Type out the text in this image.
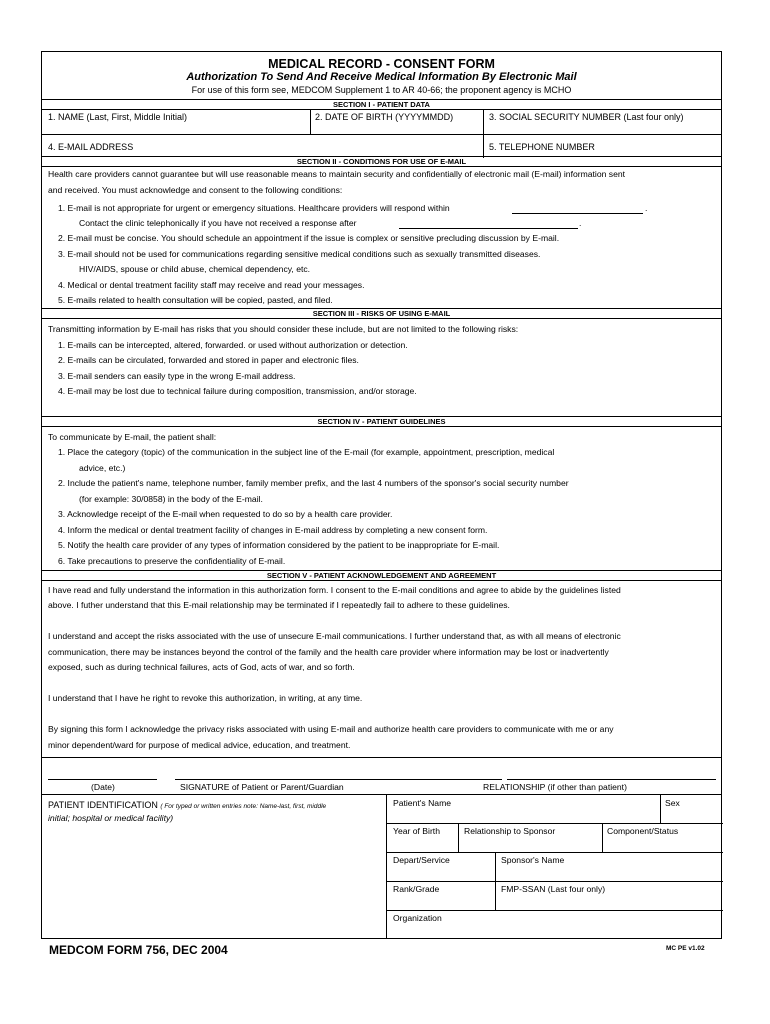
MEDICAL RECORD - CONSENT FORM
Authorization To Send And Receive Medical Information By Electronic Mail
For use of this form see, MEDCOM Supplement 1 to AR 40-66; the proponent agency is MCHO
SECTION I - PATIENT DATA
1. NAME (Last, First, Middle Initial)	2. DATE OF BIRTH (YYYYMMDD)	3. SOCIAL SECURITY NUMBER (Last four only)
4. E-MAIL ADDRESS	5. TELEPHONE NUMBER
SECTION II - CONDITIONS FOR USE OF E-MAIL
Health care providers cannot guarantee but will use reasonable means to maintain security and confidentially of electronic mail (E-mail) information sent
and received. You must acknowledge and consent to the following conditions:
1. E-mail is not appropriate for urgent or emergency situations. Healthcare providers will respond within	.
Contact the clinic telephonically if you have not received a response after	.
2. E-mail must be concise. You should schedule an appointment if the issue is complex or sensitive precluding discussion by E-mail.
3. E-mail should not be used for communications regarding sensitive medical conditions such as sexually transmitted diseases.
HIV/AIDS, spouse or child abuse, chemical dependency, etc.
4. Medical or dental treatment facility staff may receive and read your messages.
5. E-mails related to health consultation will be copied, pasted, and filed.
SECTION III - RISKS OF USING E-MAIL
Transmitting information by E-mail has risks that you should consider these include, but are not limited to the following risks:
1. E-mails can be intercepted, altered, forwarded. or used without authorization or detection.
2. E-mails can be circulated, forwarded and stored in paper and electronic files.
3. E-mail senders can easily type in the wrong E-mail address.
4. E-mail may be lost due to technical failure during composition, transmission, and/or storage.
SECTION IV - PATIENT GUIDELINES
To communicate by E-mail, the patient shall:
1. Place the category (topic) of the communication in the subject line of the E-mail (for example, appointment, prescription, medical
advice, etc.)
2. Include the patient's name, telephone number, family member prefix, and the last 4 numbers of the sponsor's social security number
(for example: 30/0858) in the body of the E-mail.
3. Acknowledge receipt of the E-mail when requested to do so by a health care provider.
4. Inform the medical or dental treatment facility of changes in E-mail address by completing a new consent form.
5. Notify the health care provider of any types of information considered by the patient to be inappropriate for E-mail.
6. Take precautions to preserve the confidentiality of E-mail.
SECTION V - PATIENT ACKNOWLEDGEMENT AND AGREEMENT
I have read and fully understand the information in this authorization form. I consent to the E-mail conditions and agree to abide by the guidelines listed
above. I futher understand that this E-mail relationship may be terminated if I repeatedly fail to adhere to these guidelines.
I understand and accept the risks associated with the use of unsecure E-mail communications. I further understand that, as with all means of electronic
communication, there may be instances beyond the control of the family and the health care provider where information may be lost or inadvertently
exposed, such as during technical failures, acts of God, acts of war, and so forth.
I understand that I have he right to revoke this authorization, in writing, at any time.
By signing this form I acknowledge the privacy risks associated with using E-mail and authorize health care providers to communicate with me or any
minor dependent/ward for purpose of medical advice, education, and treatment.
(Date)	SIGNATURE of Patient or Parent/Guardian	RELATIONSHIP (if other than patient)
PATIENT IDENTIFICATION ( For typed or written entries note: Name-last, first, middle
initial; hospital or medical facility)
Patient's Name	Sex
Year of Birth	Relationship to Sponsor	Component/Status
Depart/Service	Sponsor's Name
Rank/Grade	FMP-SSAN (Last four only)
Organization
MEDCOM FORM 756, DEC 2004	MC PE v1.02
